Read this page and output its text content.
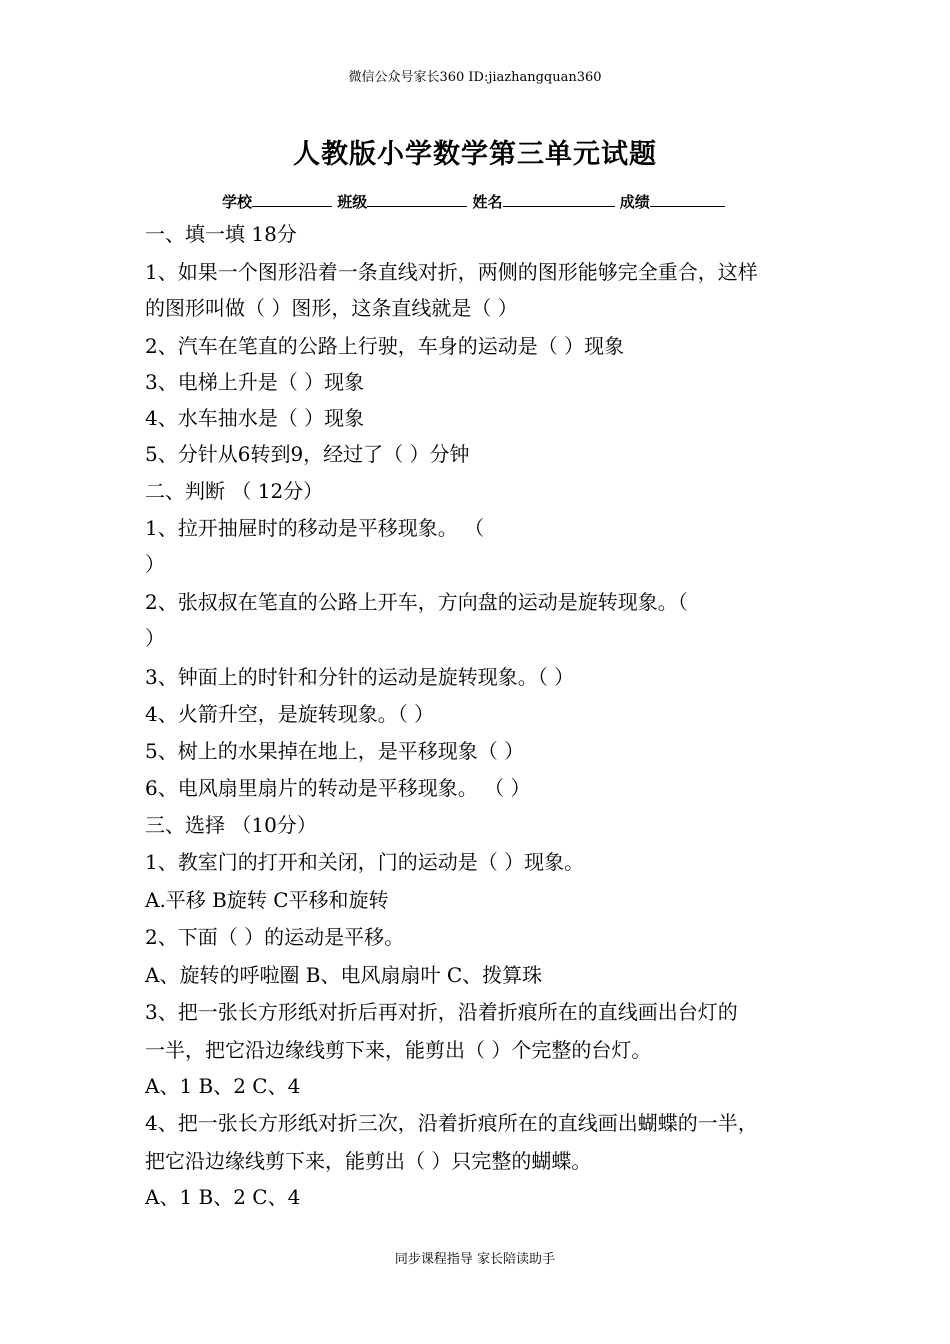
微信公众号家长360 ID:jiazhangquan360
人教版小学数学第三单元试题
学校	班级	姓名	成绩
一、填一填 18分
1、如果一个图形沿着一条直线对折，两侧的图形能够完全重合，这样
的图形叫做（ ）图形，这条直线就是（ ）
2、汽车在笔直的公路上行驶，车身的运动是（ ）现象
3、电梯上升是（ ）现象
4、水车抽水是（ ）现象
5、分针从6转到9，经过了（ ）分钟
二、判断 （ 12分）
1、拉开抽屉时的移动是平移现象。 （
）
2、张叔叔在笔直的公路上开车，方向盘的运动是旋转现象。（
）
3、钟面上的时针和分针的运动是旋转现象。（ ）
4、火箭升空，是旋转现象。（ ）
5、树上的水果掉在地上，是平移现象（ ）
6、电风扇里扇片的转动是平移现象。 （ ）
三、选择 （10分）
1、教室门的打开和关闭，门的运动是（ ）现象。
A.平移 B旋转 C平移和旋转
2、下面（ ）的运动是平移。
A、旋转的呼啦圈 B、电风扇扇叶 C、拨算珠
3、把一张长方形纸对折后再对折，沿着折痕所在的直线画出台灯的
一半，把它沿边缘线剪下来，能剪出（ ）个完整的台灯。
A、1 B、2 C、4
4、把一张长方形纸对折三次，沿着折痕所在的直线画出蝴蝶的一半，
把它沿边缘线剪下来，能剪出（ ）只完整的蝴蝶。
A、1 B、2 C、4
同步课程指导 家长陪读助手
